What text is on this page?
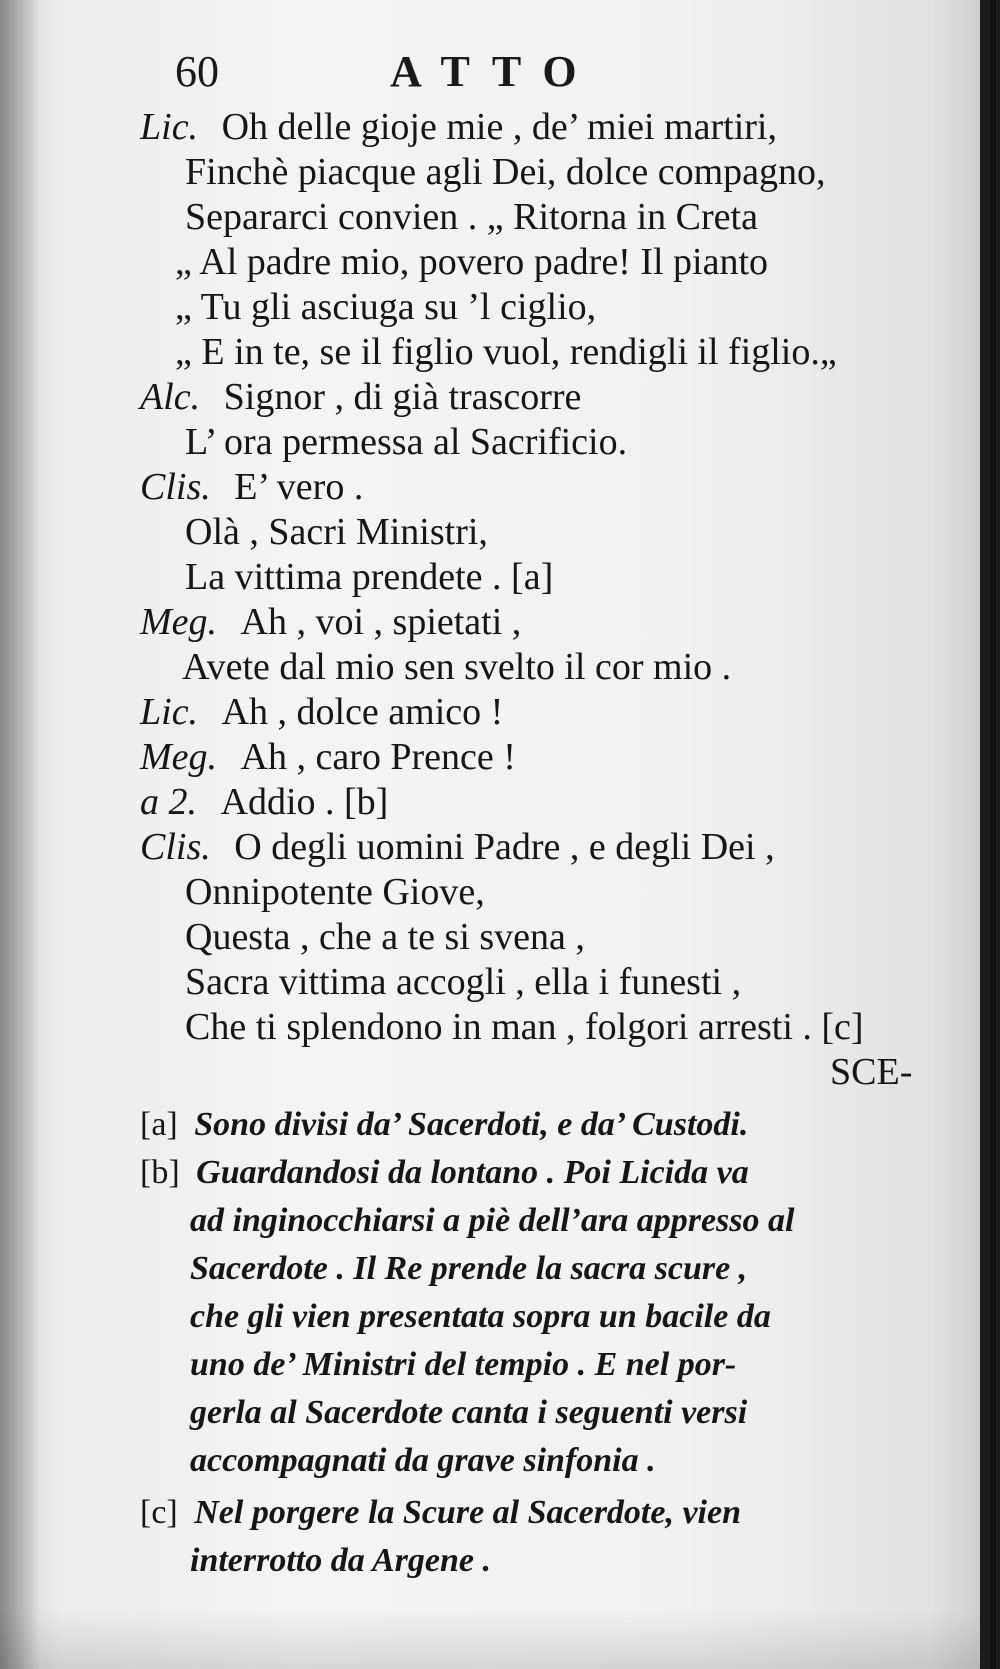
60	ATTO
Lic. Oh delle gioje mie , de’ miei martiri,
Finchè piacque agli Dei, dolce compagno,
Separarci convien . „ Ritorna in Creta
„ Al padre mio, povero padre! Il pianto
„ Tu gli asciuga su ’l ciglio,
„ E in te, se il figlio vuol, rendigli il figlio.„
Alc. Signor , di già trascorre
L’ ora permessa al Sacrificio.
Clis. E’ vero .
Olà , Sacri Ministri,
La vittima prendete . [a]
Meg. Ah , voi , spietati ,
Avete dal mio sen svelto il cor mio .
Lic. Ah , dolce amico !
Meg. Ah , caro Prence !
a 2. Addio . [b]
Clis. O degli uomini Padre , e degli Dei ,
Onnipotente Giove,
Questa , che a te si svena ,
Sacra vittima accogli , ella i funesti ,
Che ti splendono in man , folgori arresti . [c]
SCE-
[a] Sono divisi da’ Sacerdoti, e da’ Custodi.
[b] Guardandosi da lontano . Poi Licida va
ad inginocchiarsi a piè dell’ara appresso al
Sacerdote . Il Re prende la sacra scure ,
che gli vien presentata sopra un bacile da
uno de’ Ministri del tempio . E nel por-
gerla al Sacerdote canta i seguenti versi
accompagnati da grave sinfonia .
[c] Nel porgere la Scure al Sacerdote, vien
interrotto da Argene .
